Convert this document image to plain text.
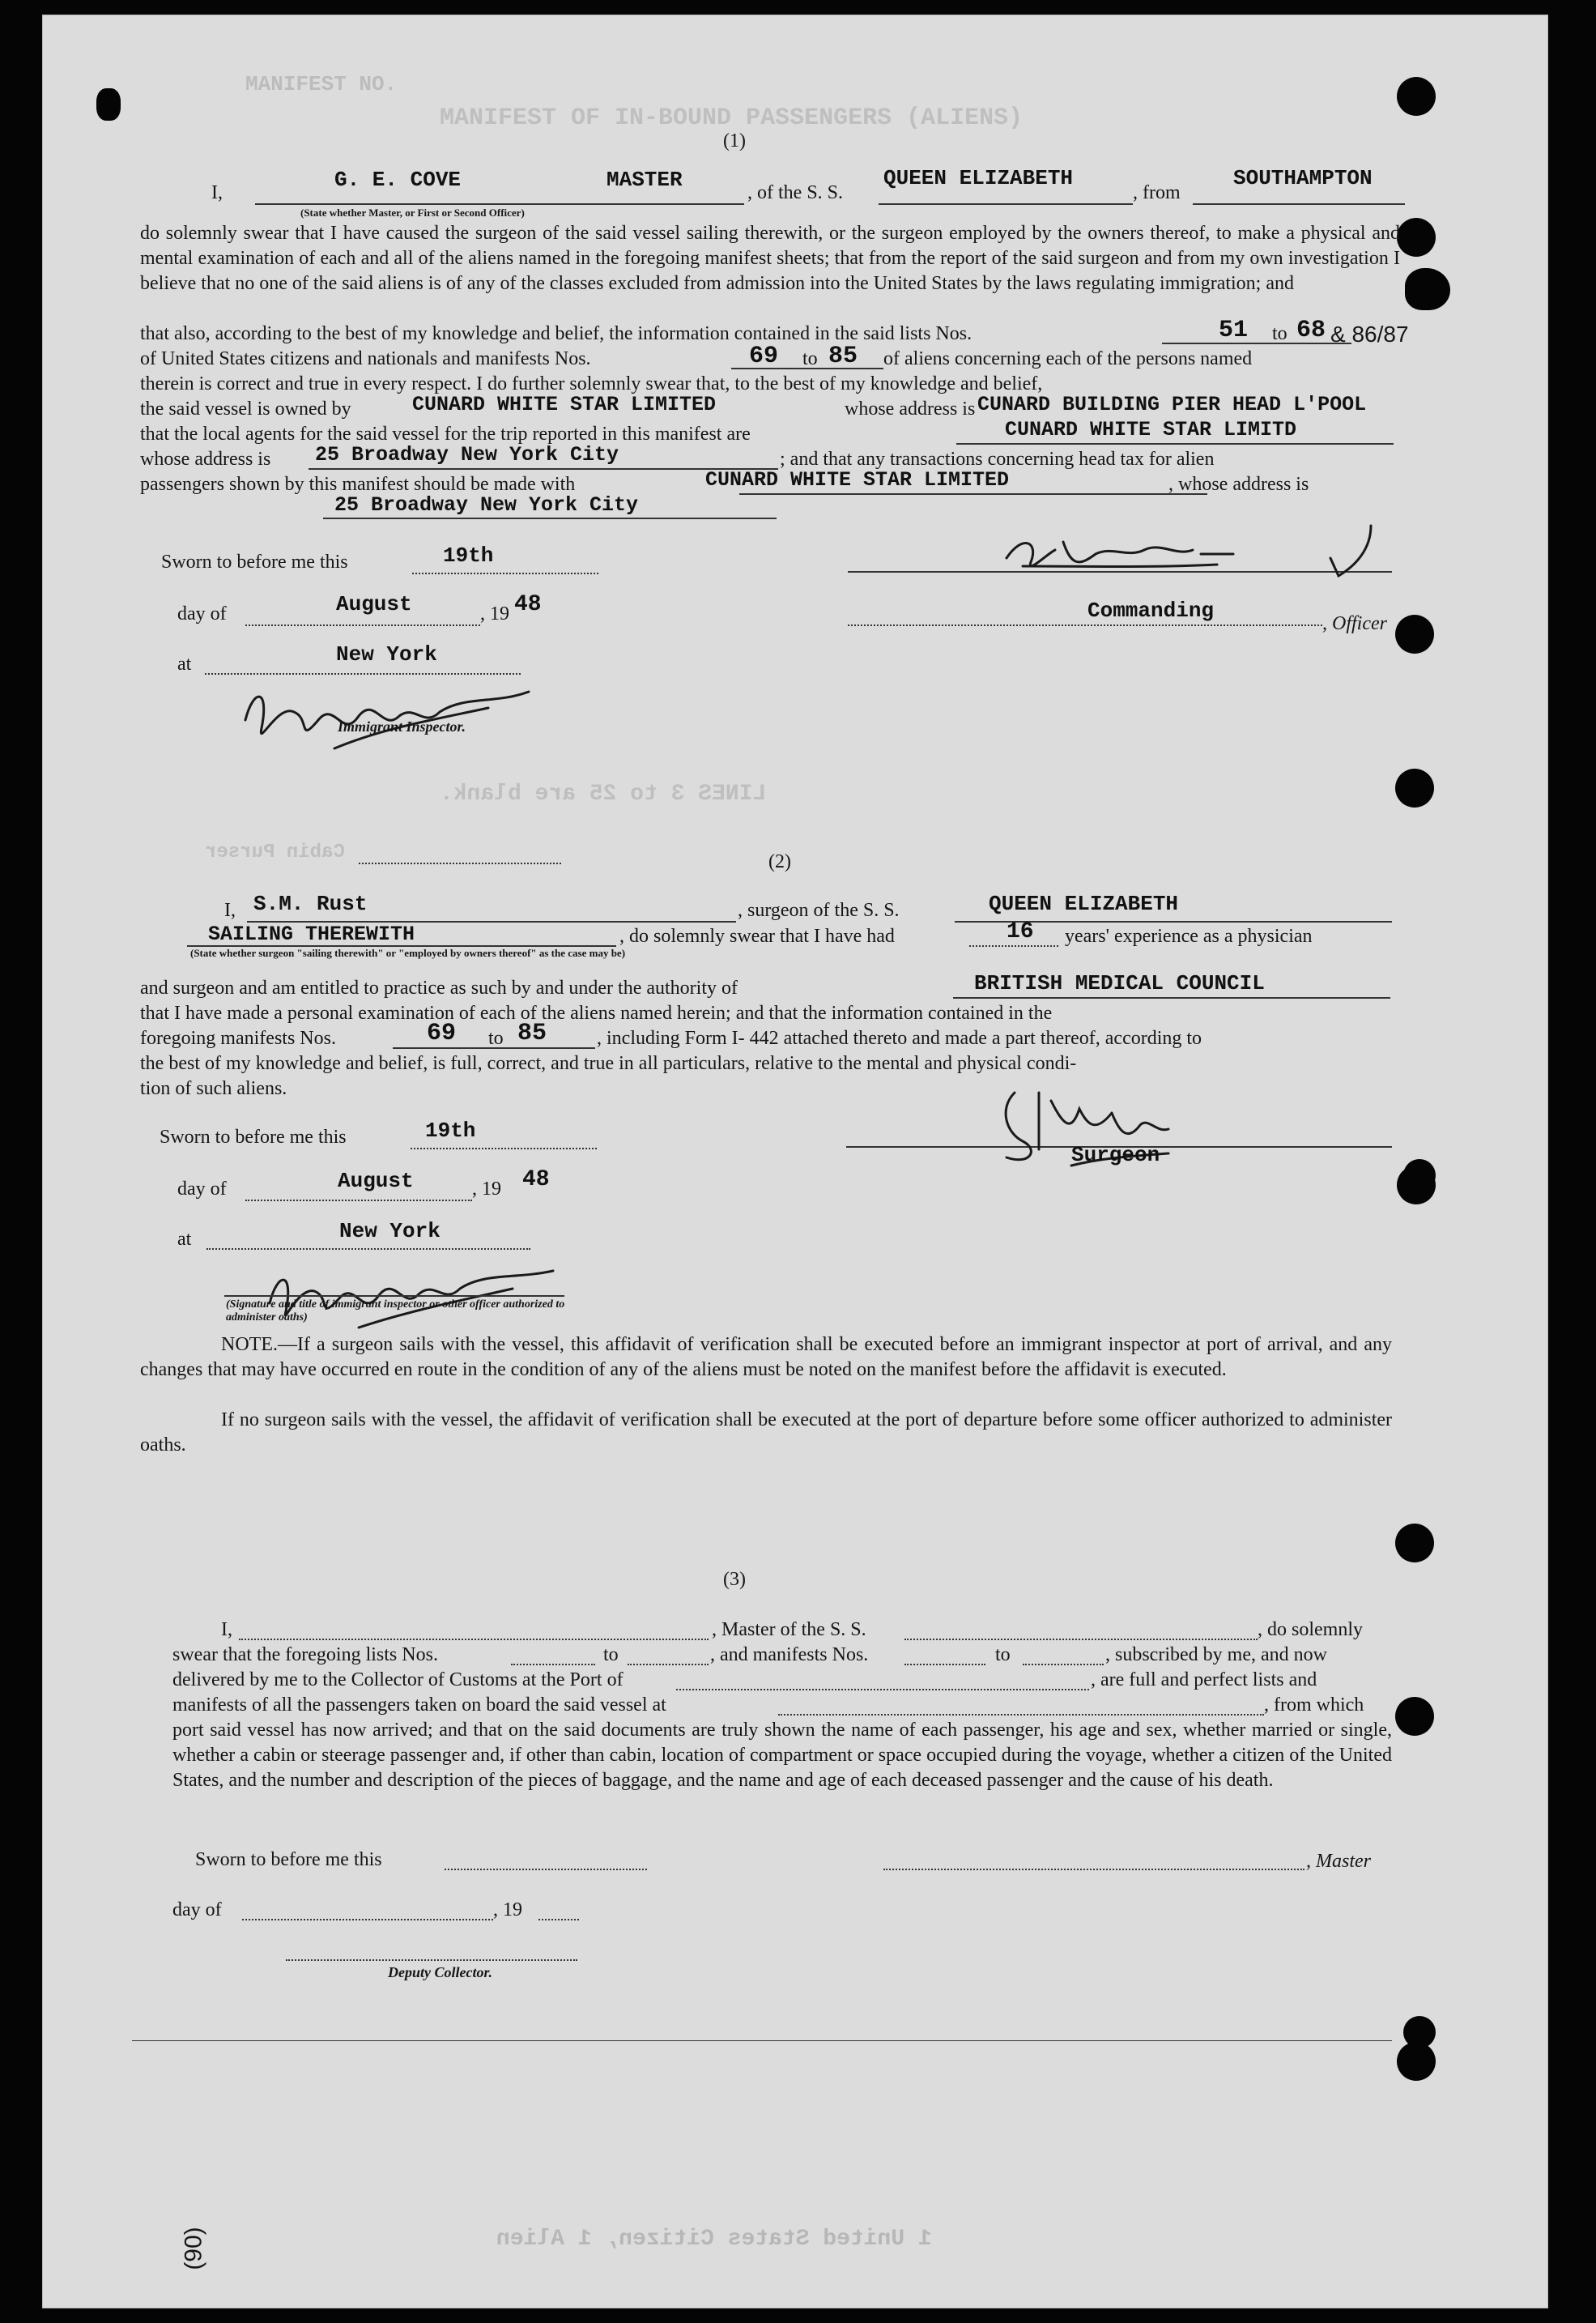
MANIFEST NO.
MANIFEST OF IN-BOUND PASSENGERS (ALIENS)
(1)
I,
G. E. COVE	MASTER
(State whether Master, or First or Second Officer)
, of the S. S.
QUEEN ELIZABETH
, from
SOUTHAMPTON
do solemnly swear that I have caused the surgeon of the said vessel sailing therewith, or the surgeon employed by the owners thereof, to make a physical and mental examination of each and all of the aliens named in the foregoing manifest sheets; that from the report of the said surgeon and from my own investigation I believe that no one of the said aliens is of any of the classes excluded from admission into the United States by the laws regulating immigration; and
that also, according to the best of my knowledge and belief, the information contained in the said lists Nos.	51 to 68 & 86/87
of United States citizens and nationals and manifests Nos.	69 to 85 of aliens concerning each of the persons named
therein is correct and true in every respect. I do further solemnly swear that, to the best of my knowledge and belief,
the said vessel is owned by	CUNARD WHITE STAR LIMITED	whose address is CUNARD BUILDING PIER HEAD L'POOL
that the local agents for the said vessel for the trip reported in this manifest are	CUNARD WHITE STAR LIMITD
whose address is 25 Broadway New York City	; and that any transactions concerning head tax for alien
passengers shown by this manifest should be made with	CUNARD WHITE STAR LIMITED	, whose address is
25 Broadway New York City
Sworn to before me this	19th
day of	August	, 19 48
at	New York
Immigrant Inspector.
Commanding
, Officer
LINES 3 to 25 are blank.
Cabin Purser	(2)
I, S.M. Rust	, surgeon of the S. S.	QUEEN ELIZABETH
SAILING THEREWITH
(State whether surgeon "sailing therewith" or "employed by owners thereof" as the case may be)
, do solemnly swear that I have had	16 years' experience as a physician
and surgeon and am entitled to practice as such by and under the authority of	BRITISH MEDICAL COUNCIL
that I have made a personal examination of each of the aliens named herein; and that the information contained in the
foregoing manifests Nos.	69 to 85	, including Form I- 442 attached thereto and made a part thereof, according to
the best of my knowledge and belief, is full, correct, and true in all particulars, relative to the mental and physical condi-
tion of such aliens.
Sworn to before me this	19th
day of	August	, 19 48
at	New York
(Signature and title of immigrant inspector or other officer authorized to administer oaths)
Surgeon
NOTE.—If a surgeon sails with the vessel, this affidavit of verification shall be executed before an immigrant inspector at port of arrival, and any changes that may have occurred en route in the condition of any of the aliens must be noted on the manifest before the affidavit is executed.
If no surgeon sails with the vessel, the affidavit of verification shall be executed at the port of departure before some officer authorized to administer oaths.
(3)
I,	, Master of the S. S.	, do solemnly
swear that the foregoing lists Nos.	to	, and manifests Nos.	to	, subscribed by me, and now
delivered by me to the Collector of Customs at the Port of	, are full and perfect lists and
manifests of all the passengers taken on board the said vessel at	, from which
port said vessel has now arrived; and that on the said documents are truly shown the name of each passenger, his age and sex, whether married or single, whether a cabin or steerage passenger and, if other than cabin, location of compartment or space occupied during the voyage, whether a citizen of the United States, and the number and description of the pieces of baggage, and the name and age of each deceased passenger and the cause of his death.
Sworn to before me this	, Master
day of	, 19
Deputy Collector.
1 United States Citizen, 1 Alien
(90)
